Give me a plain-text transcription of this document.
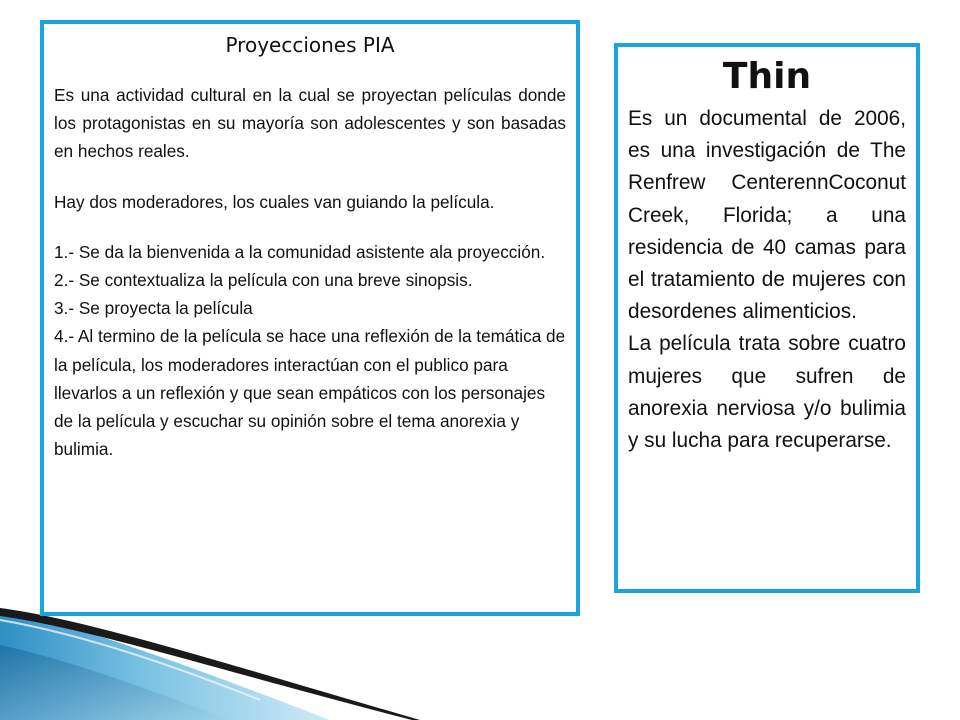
Proyecciones PIA

Es una actividad cultural en la cual se proyectan películas donde los protagonistas en su mayoría son adolescentes y son basadas en hechos reales.

Hay dos moderadores, los cuales van guiando la película.

1.- Se da la bienvenida a la comunidad asistente ala proyección.

2.- Se contextualiza la película con una breve sinopsis.

3.- Se proyecta la película

4.- Al termino de la película se hace una reflexión de la temática de la película, los moderadores interactúan con el publico para llevarlos a un reflexión y que sean empáticos con los personajes de la película y escuchar su opinión sobre el tema anorexia y bulimia.

Thin

Es un documental de 2006, es una investigación de The Renfrew CenterennCoconut Creek, Florida; a una residencia de 40 camas para el tratamiento de mujeres con desordenes alimenticios.

La película trata sobre cuatro mujeres que sufren de anorexia nerviosa y/o bulimia y su lucha para recuperarse.
